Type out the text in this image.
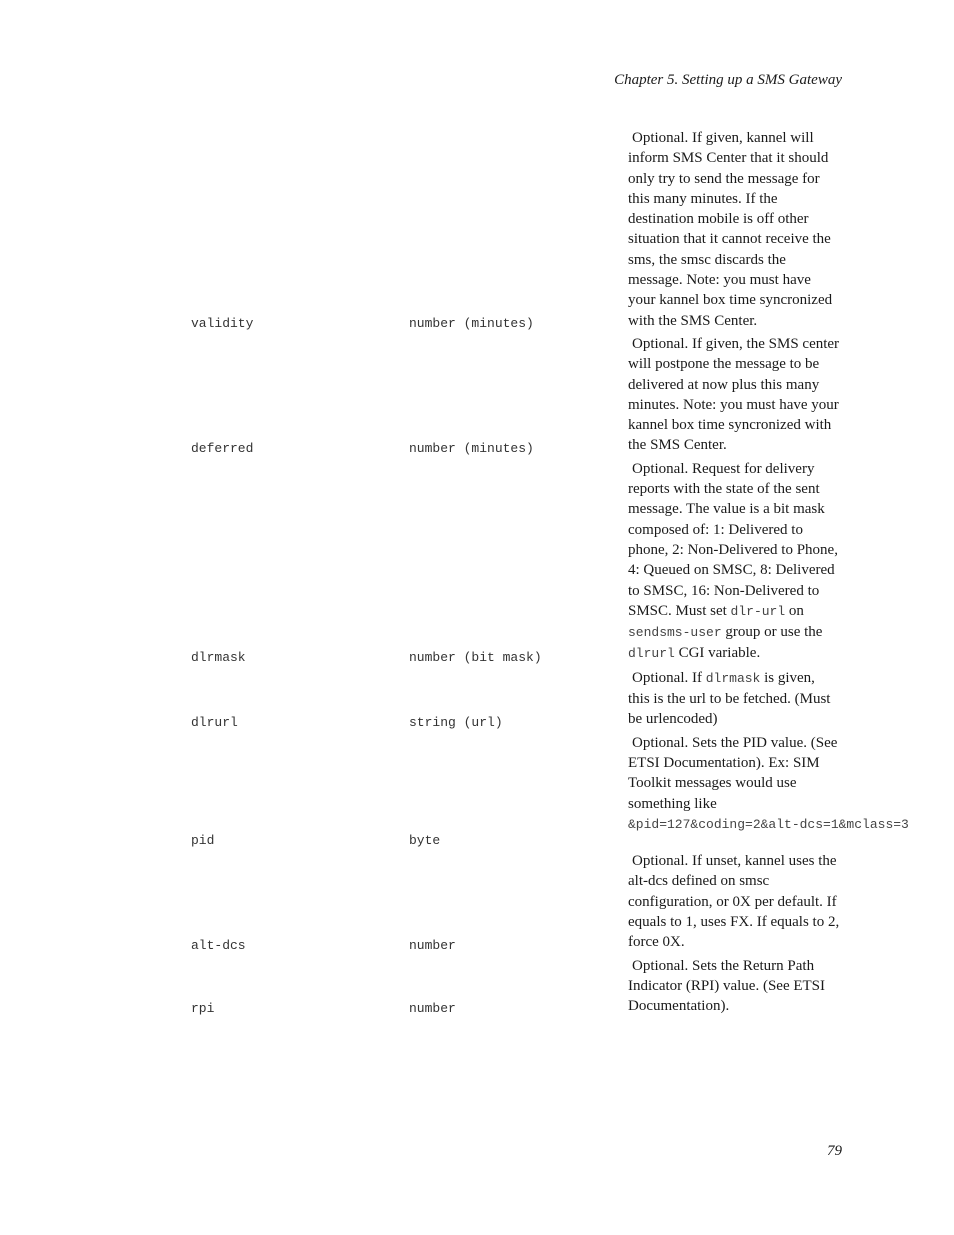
Chapter 5. Setting up a SMS Gateway
validity	number (minutes)
Optional. If given, kannel will inform SMS Center that it should only try to send the message for this many minutes. If the destination mobile is off other situation that it cannot receive the sms, the smsc discards the message. Note: you must have your kannel box time syncronized with the SMS Center.
deferred	number (minutes)
Optional. If given, the SMS center will postpone the message to be delivered at now plus this many minutes. Note: you must have your kannel box time syncronized with the SMS Center.
dlrmask	number (bit mask)
Optional. Request for delivery reports with the state of the sent message. The value is a bit mask composed of: 1: Delivered to phone, 2: Non-Delivered to Phone, 4: Queued on SMSC, 8: Delivered to SMSC, 16: Non-Delivered to SMSC. Must set dlr-url on sendsms-user group or use the dlrurl CGI variable.
dlrurl	string (url)
Optional. If dlrmask is given, this is the url to be fetched. (Must be urlencoded)
pid	byte
Optional. Sets the PID value. (See ETSI Documentation). Ex: SIM Toolkit messages would use something like &pid=127&coding=2&alt-dcs=1&mclass=3
alt-dcs	number
Optional. If unset, kannel uses the alt-dcs defined on smsc configuration, or 0X per default. If equals to 1, uses FX. If equals to 2, force 0X.
rpi	number
Optional. Sets the Return Path Indicator (RPI) value. (See ETSI Documentation).
79
